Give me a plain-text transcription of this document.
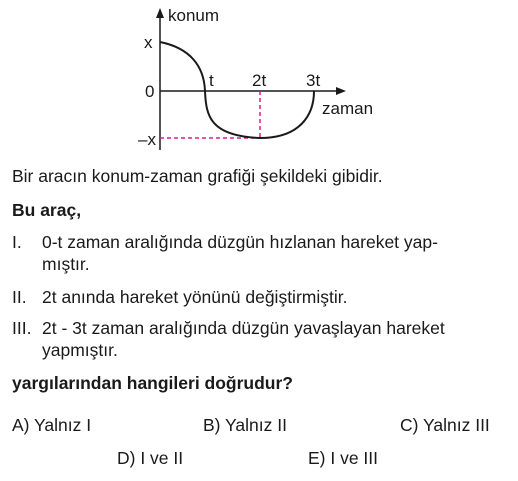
konum
zaman
x
0
–x
t 2t 3t
Bir aracın konum-zaman grafiği şekildeki gibidir.
Bu araç,
I. 0-t zaman aralığında düzgün hızlanan hareket yap-
mıştır.
II. 2t anında hareket yönünü değiştirmiştir.
III. 2t - 3t zaman aralığında düzgün yavaşlayan hareket
yapmıştır.
yargılarından hangileri doğrudur?
A) Yalnız I	B) Yalnız II	C) Yalnız III
D) I ve II	E) I ve III
